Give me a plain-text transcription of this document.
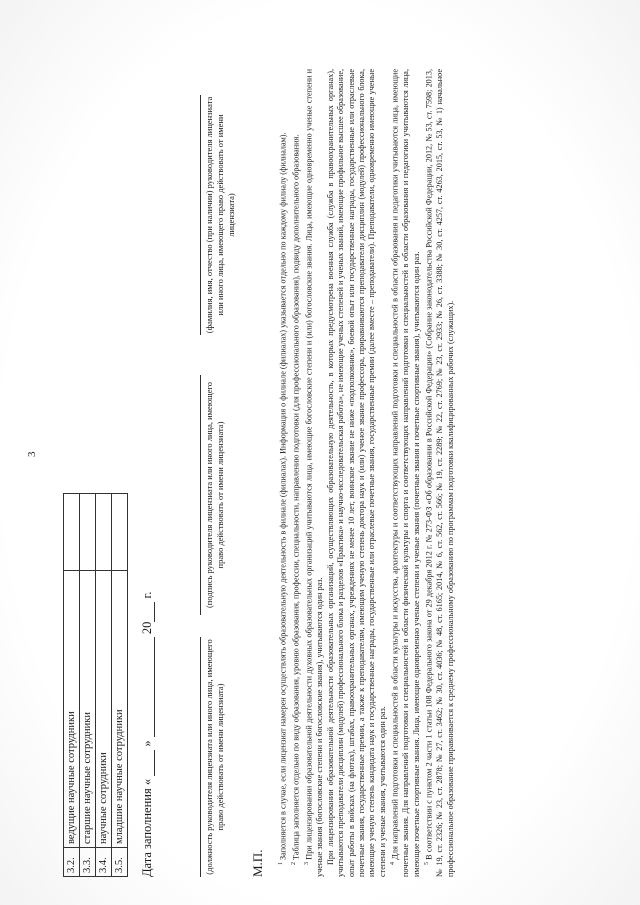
3
3.2.	ведущие научные сотрудники	
3.3.	старшие научные сотрудники	
3.4.	научные сотрудники	
3.5.	младшие научные сотрудники	Дата заполнения «  »  20 г.
(должность руководителя лицензиата или иного лица, имеющего право действовать от имени лицензиата)
(подпись руководителя лицензиата или иного лица, имеющего право действовать от имени лицензиата)
(фамилия, имя, отчество (при наличии) руководителя лицензиата или иного лица, имеющего право действовать от имени лицензиата)
М.П.	$^1$ Заполняется в случае, если лицензиат намерен осуществлять образовательную деятельность в филиале (филиалах). Информация о филиале (филиалах) указывается отдельно по каждому филиалу (филиалам).

$^2$ Таблица заполняется отдельно по виду образования, уровню образования, профессии, специальности, направлению подготовки (для профессионального образования), подвиду дополнительного образования.

$^3$ При лицензировании образовательной деятельности духовных образовательных организаций учитываются лица, имеющие богословские степени и (или) богословские звания. Лица, имеющие одновременно ученые степени и ученые звания (богословские степени и богословские звания), учитываются один раз. При лицензировании образовательной деятельности образовательных организаций, осуществляющих образовательную деятельность, в которых предусмотрена военная служба (служба в правоохранительных органах), учитываются преподаватели дисциплин (модулей) профессионального блока и разделов «Практика» и научно-исследовательская работа», не имеющие ученых степеней и ученых званий, имеющие профильное высшее образование, опыт работы в войсках (на флотах), штабах, правоохранительных органах, учреждениях не менее 10 лет, воинское звание не ниже «подполковник», боевой опыт или государственные награды, государственные или отраслевые почетные звания, государственные премии, а также к преподавателям, имеющим ученую степень доктора наук и (или) ученое звание профессора, приравниваются преподаватели дисциплин (модулей) профессионального блока, имеющие ученую степень кандидата наук и государственные награды, государственные или отраслевые почетные звания, государственные премии (далее вместе – преподаватели). Преподаватели, одновременно имеющие ученые степени и ученые звания, учитываются один раз. $^4$ Для направлений подготовки и специальностей в области культуры и искусства, архитектуры и соответствующих направлений подготовки и специальностей в области образования и педагогики учитываются лица, имеющие почетные звания. Для направлений подготовки и специальностей в области физической культуры и спорта и соответствующих направлений подготовки и специальностей в области образования и педагогики учитываются лица, имеющие почетные спортивные звания. Лица, имеющие одновременно ученые степени и ученые звания (почетные звания и почетные спортивные звания), учитываются один раз. $^5$ В соответствии с пунктом 2 части 1 статьи 108 Федерального закона от 29 декабря 2012 г. № 273-ФЗ «Об образовании в Российской Федерации» (Собрание законодательства Российской Федерации, 2012, № 53, ст. 7598; 2013, № 19, ст. 2326; № 23, ст. 2878; № 27, ст. 3462; № 30, ст. 4036; № 48, ст. 6165; 2014, № 6, ст. 562, ст. 566; № 19, ст. 2289; № 22, ст. 2769; № 23, ст. 2933; № 26, ст. 3388; № 30, ст. 4257, ст. 4263, 2015, ст. 53, № 1) начальное профессиональное образование приравнивается к среднему профессиональному образованию по программам подготовки квалифицированных рабочих (служащих).
